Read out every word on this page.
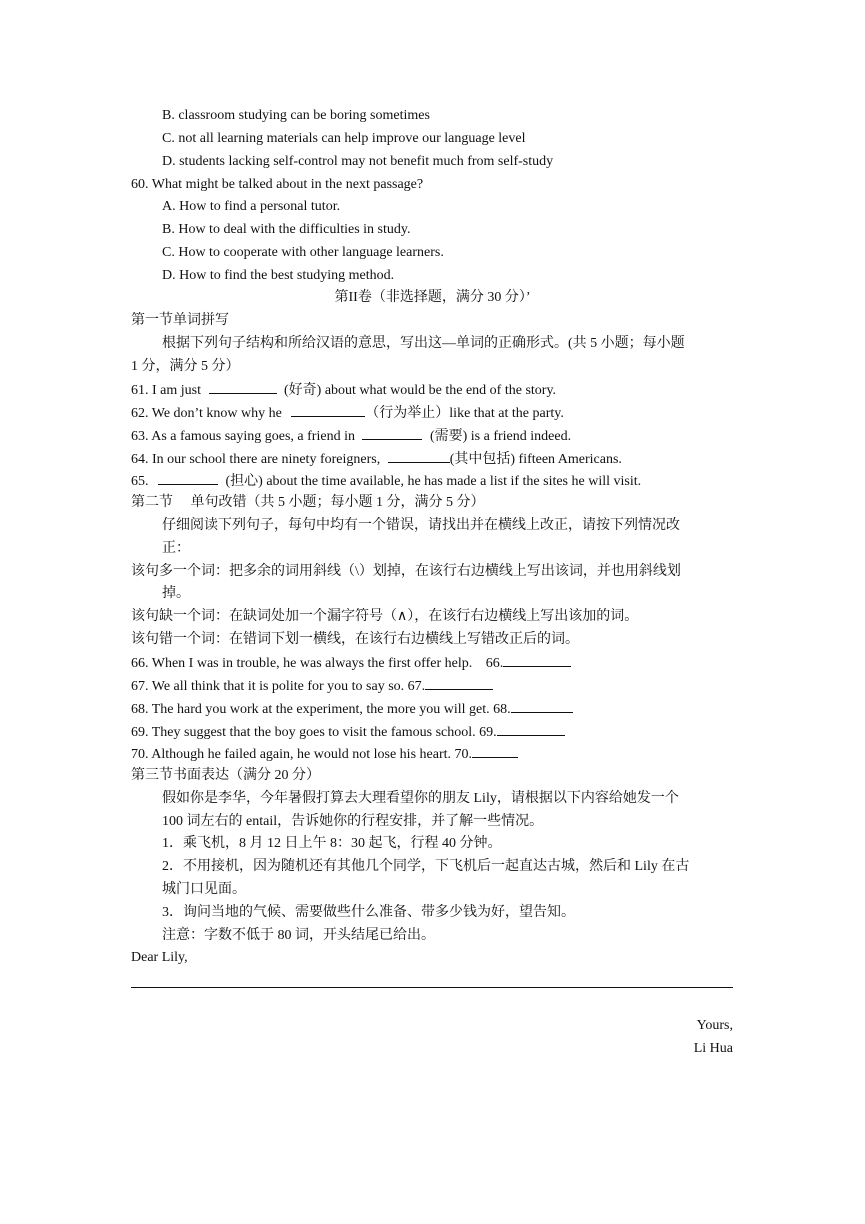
B. classroom studying can be boring sometimes
C. not all learning materials can help improve our language level
D. students lacking self-control may not benefit much from self-study
60. What might be talked about in the next passage?
A. How to find a personal tutor.
B. How to deal with the difficulties in study.
C. How to cooperate with other language learners.
D. How to find the best studying method.
第II卷（非选择题，满分 30 分）’
第一节单词拼写
根据下列句子结构和所给汉语的意思，写出这—单词的正确形式。(共 5 小题；每小题
1 分，满分 5 分）
61. I am just	(好奇) about what would be the end of the story.
62. We don’t know why he	（行为举止）like that at the party.
63. As a famous saying goes, a friend in	(需要) is a friend indeed.
64. In our school there are ninety foreigners,	(其中包括) fifteen Americans.
65.	(担心) about the time available, he has made a list if the sites he will visit.
第二节　 单句改错（共 5 小题；每小题 1 分，满分 5 分）
仔细阅读下列句子，每句中均有一个错误，请找出并在横线上改正，请按下列情况改
正：
该句多一个词：把多余的词用斜线（\）划掉，在该行右边横线上写出该词，并也用斜线划
掉。
该句缺一个词：在缺词处加一个漏字符号（∧），在该行右边横线上写出该加的词。
该句错一个词：在错词下划一横线，在该行右边横线上写错改正后的词。
66. When I was in trouble, he was always the first offer help. 66.
67. We all think that it is polite for you to say so. 67.
68. The hard you work at the experiment, the more you will get. 68.
69. They suggest that the boy goes to visit the famous school. 69.
70. Although he failed again, he would not lose his heart. 70.
第三节书面表达（满分 20 分）
假如你是李华，今年暑假打算去大理看望你的朋友 Lily，请根据以下内容给她发一个
100 词左右的 entail，告诉她你的行程安排，并了解一些情况。
1．乘飞机，8 月 12 日上午 8：30 起飞，行程 40 分钟。
2．不用接机，因为随机还有其他几个同学，下飞机后一起直达古城，然后和 Lily 在古
城门口见面。
3．询问当地的气候、需要做些什么准备、带多少钱为好，望告知。
注意：字数不低于 80 词，开头结尾已给出。
Dear Lily,
Yours,
Li Hua
